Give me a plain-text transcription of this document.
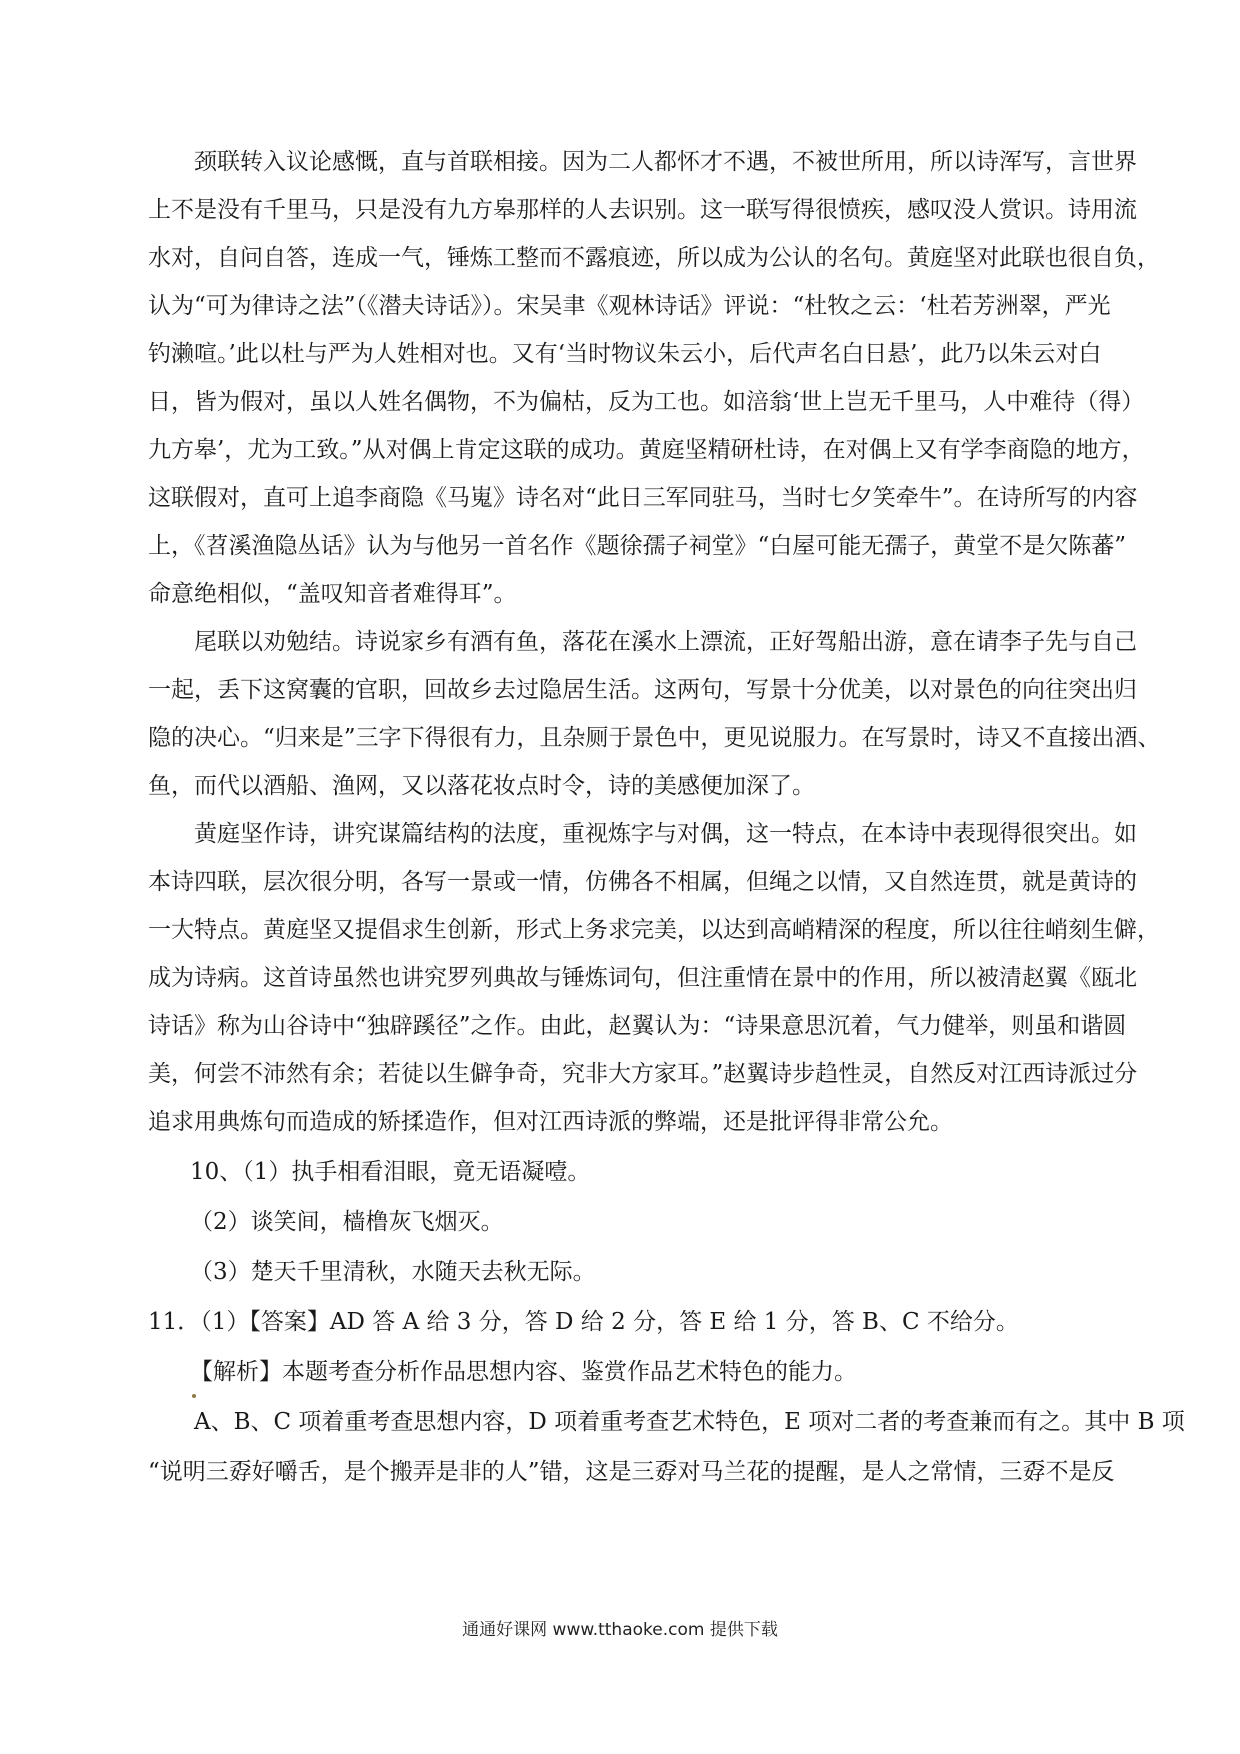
颈联转入议论感慨，直与首联相接。因为二人都怀才不遇，不被世所用，所以诗浑写，言世界
上不是没有千里马，只是没有九方皋那样的人去识别。这一联写得很愤疾，感叹没人赏识。诗用流
水对，自问自答，连成一气，锤炼工整而不露痕迹，所以成为公认的名句。黄庭坚对此联也很自负，
认为“可为律诗之法”（《潜夫诗话》）。宋吴聿《观林诗话》评说：“杜牧之云：‘杜若芳洲翠，严光
钓濑喧。’此以杜与严为人姓相对也。又有‘当时物议朱云小，后代声名白日悬’，此乃以朱云对白
日，皆为假对，虽以人姓名偶物，不为偏枯，反为工也。如涪翁‘世上岂无千里马，人中难待（得）
九方皋’，尤为工致。”从对偶上肯定这联的成功。黄庭坚精研杜诗，在对偶上又有学李商隐的地方，
这联假对，直可上追李商隐《马嵬》诗名对“此日三军同驻马，当时七夕笑牵牛”。在诗所写的内容
上，《苕溪渔隐丛话》认为与他另一首名作《题徐孺子祠堂》“白屋可能无孺子，黄堂不是欠陈蕃”
命意绝相似，“盖叹知音者难得耳”。
尾联以劝勉结。诗说家乡有酒有鱼，落花在溪水上漂流，正好驾船出游，意在请李子先与自己
一起，丢下这窝囊的官职，回故乡去过隐居生活。这两句，写景十分优美，以对景色的向往突出归
隐的决心。“归来是”三字下得很有力，且杂厕于景色中，更见说服力。在写景时，诗又不直接出酒、
鱼，而代以酒船、渔网，又以落花妆点时令，诗的美感便加深了。
黄庭坚作诗，讲究谋篇结构的法度，重视炼字与对偶，这一特点，在本诗中表现得很突出。如
本诗四联，层次很分明，各写一景或一情，仿佛各不相属，但绳之以情，又自然连贯，就是黄诗的
一大特点。黄庭坚又提倡求生创新，形式上务求完美，以达到高峭精深的程度，所以往往峭刻生僻，
成为诗病。这首诗虽然也讲究罗列典故与锤炼词句，但注重情在景中的作用，所以被清赵翼《瓯北
诗话》称为山谷诗中“独辟蹊径”之作。由此，赵翼认为：“诗果意思沉着，气力健举，则虽和谐圆
美，何尝不沛然有余；若徒以生僻争奇，究非大方家耳。”赵翼诗步趋性灵，自然反对江西诗派过分
追求用典炼句而造成的矫揉造作，但对江西诗派的弊端，还是批评得非常公允。
10、（1）执手相看泪眼，竟无语凝噎。
（2）谈笑间，樯橹灰飞烟灭。
（3）楚天千里清秋，水随天去秋无际。
11．（1）【答案】AD 答 A 给 3 分，答 D 给 2 分，答 E 给 1 分，答 B、C 不给分。
【解析】本题考查分析作品思想内容、鉴赏作品艺术特色的能力。
A、B、C 项着重考查思想内容，D 项着重考查艺术特色，E 项对二者的考查兼而有之。其中 B 项
“说明三孬好嚼舌，是个搬弄是非的人”错，这是三孬对马兰花的提醒，是人之常情，三孬不是反
通通好课网 www.tthaoke.com 提供下载
